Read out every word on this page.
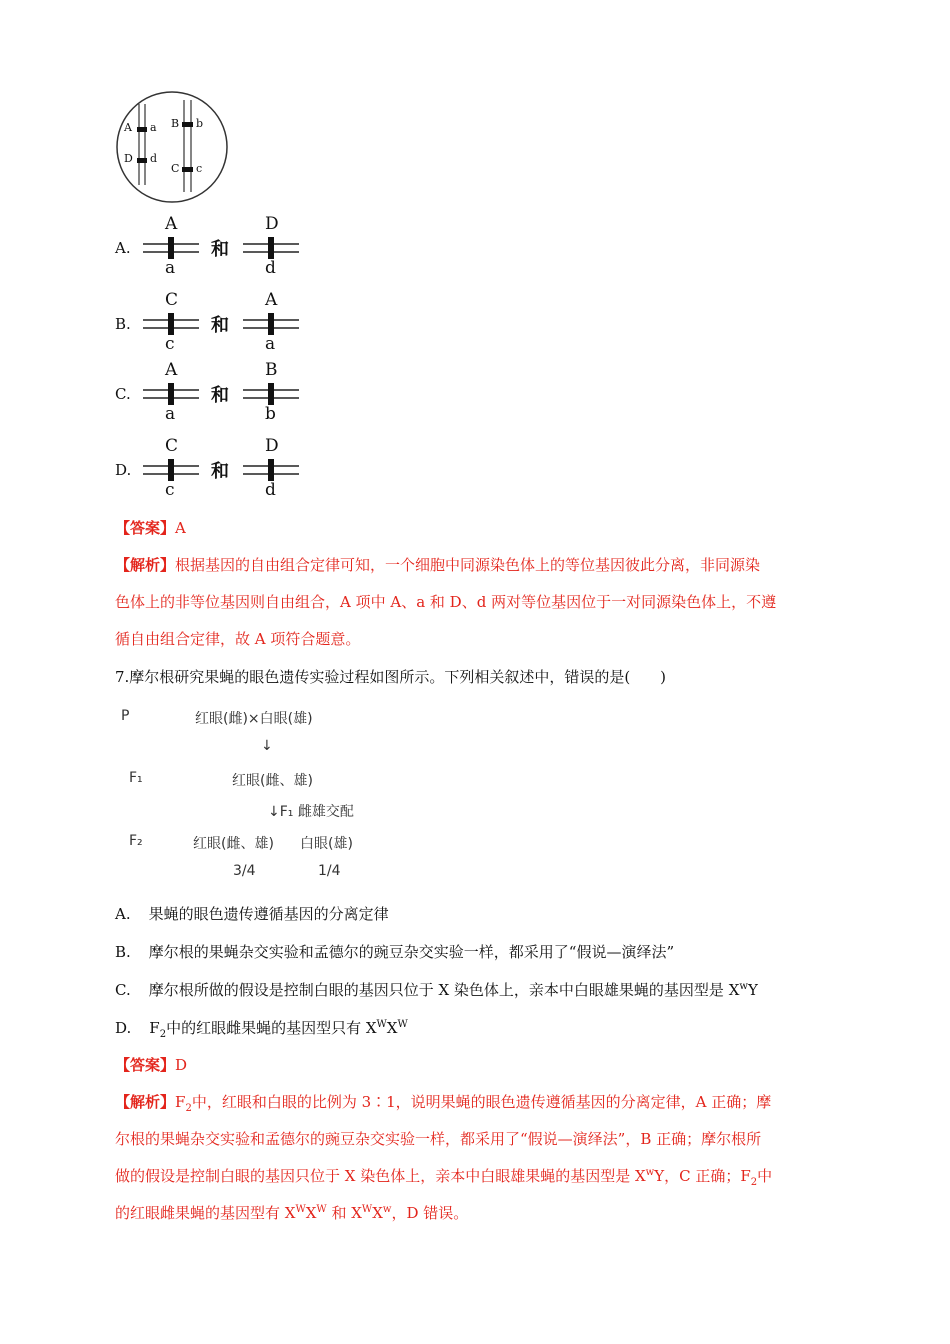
A a
D d
B b
C c
A.
A
a
和
D
d
B.
C
c
和
A
a
C.
A
a
和
B
b
D.
C
c
和
D
d
【答案】A
【解析】根据基因的自由组合定律可知，一个细胞中同源染色体上的等位基因彼此分离，非同源染
色体上的非等位基因则自由组合，A 项中 A、a 和 D、d 两对等位基因位于一对同源染色体上，不遵
循自由组合定律，故 A 项符合题意。
7.摩尔根研究果蝇的眼色遗传实验过程如图所示。下列相关叙述中，错误的是(　　)
P	红眼(雌)×白眼(雄)
↓
F₁	红眼(雌、雄)
↓F₁ 雌雄交配
F₂	红眼(雌、雄) 白眼(雄)
3/4	1/4
A. 果蝇的眼色遗传遵循基因的分离定律
B. 摩尔根的果蝇杂交实验和孟德尔的豌豆杂交实验一样，都采用了“假说—演绎法”
C. 摩尔根所做的假设是控制白眼的基因只位于 X 染色体上，亲本中白眼雄果蝇的基因型是 $X^wY$
D. $F_2$中的红眼雌果蝇的基因型只有 $X^WX^W$
【答案】D
【解析】$F_2$中，红眼和白眼的比例为 3∶1，说明果蝇的眼色遗传遵循基因的分离定律，A 正确；摩
尔根的果蝇杂交实验和孟德尔的豌豆杂交实验一样，都采用了“假说—演绎法”，B 正确；摩尔根所
做的假设是控制白眼的基因只位于 X 染色体上，亲本中白眼雄果蝇的基因型是 $X^wY$，C 正确；$F_2$中
的红眼雌果蝇的基因型有 $X^WX^W$ 和 $X^WX^w$，D 错误。
